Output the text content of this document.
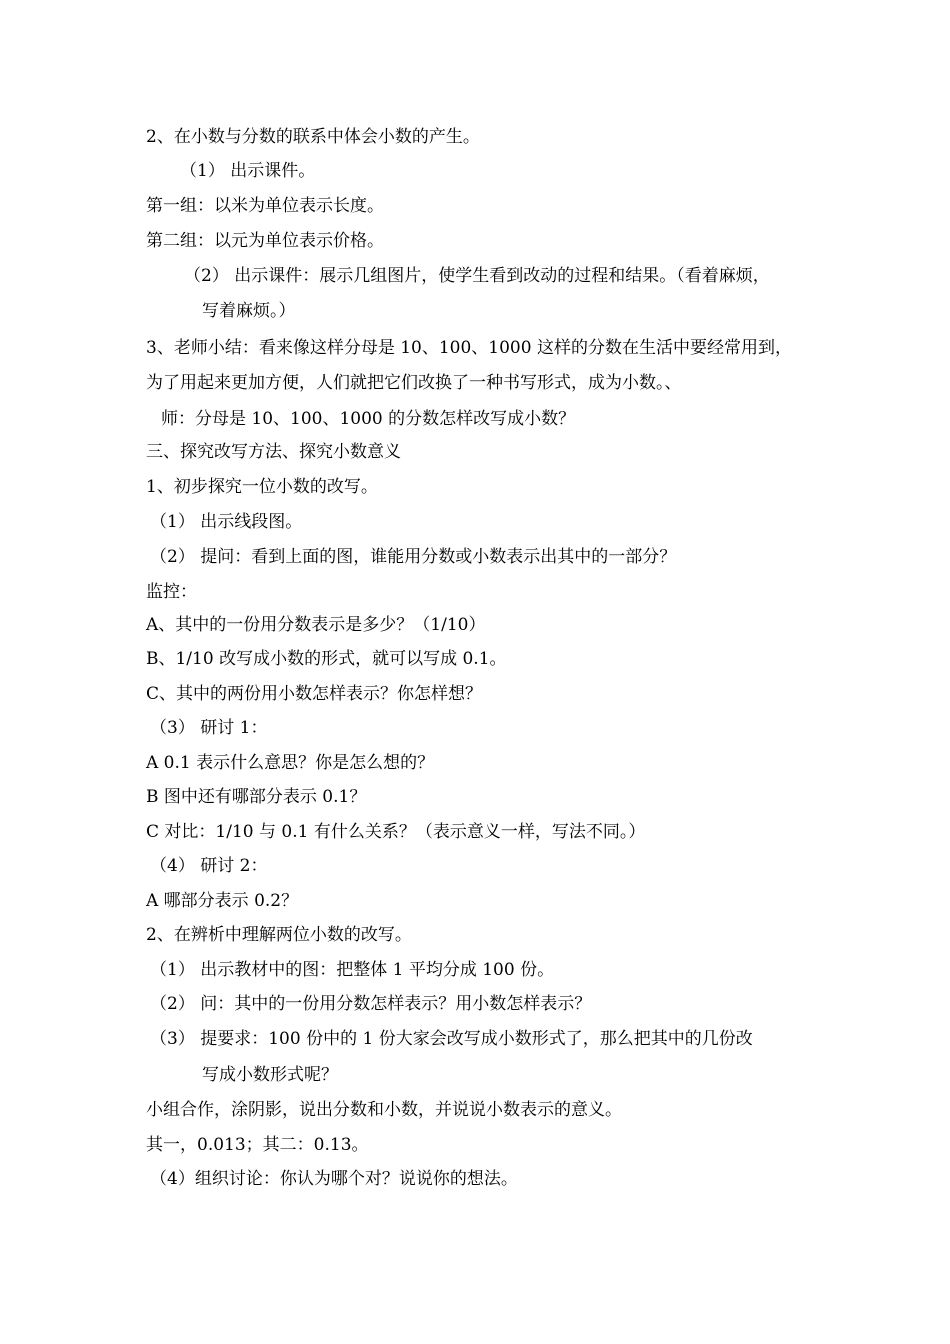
2、在小数与分数的联系中体会小数的产生。
（1） 出示课件。
第一组：以米为单位表示长度。
第二组：以元为单位表示价格。
（2） 出示课件：展示几组图片，使学生看到改动的过程和结果。（看着麻烦，
写着麻烦。）
3、老师小结：看来像这样分母是 10、100、1000 这样的分数在生活中要经常用到，
为了用起来更加方便，人们就把它们改换了一种书写形式，成为小数。、
师：分母是 10、100、1000 的分数怎样改写成小数？
三、探究改写方法、探究小数意义
1、初步探究一位小数的改写。
（1） 出示线段图。
（2） 提问：看到上面的图，谁能用分数或小数表示出其中的一部分？
监控：
A、其中的一份用分数表示是多少？（1/10）
B、1/10 改写成小数的形式，就可以写成 0.1。
C、其中的两份用小数怎样表示？你怎样想？
（3） 研讨 1：
A 0.1 表示什么意思？你是怎么想的？
B 图中还有哪部分表示 0.1？
C 对比：1/10 与 0.1 有什么关系？（表示意义一样，写法不同。）
（4） 研讨 2：
A 哪部分表示 0.2？
2、在辨析中理解两位小数的改写。
（1） 出示教材中的图：把整体 1 平均分成 100 份。
（2） 问：其中的一份用分数怎样表示？用小数怎样表示？
（3） 提要求：100 份中的 1 份大家会改写成小数形式了，那么把其中的几份改
写成小数形式呢？
小组合作，涂阴影，说出分数和小数，并说说小数表示的意义。
其一，0.013；其二：0.13。
（4）组织讨论：你认为哪个对？说说你的想法。
